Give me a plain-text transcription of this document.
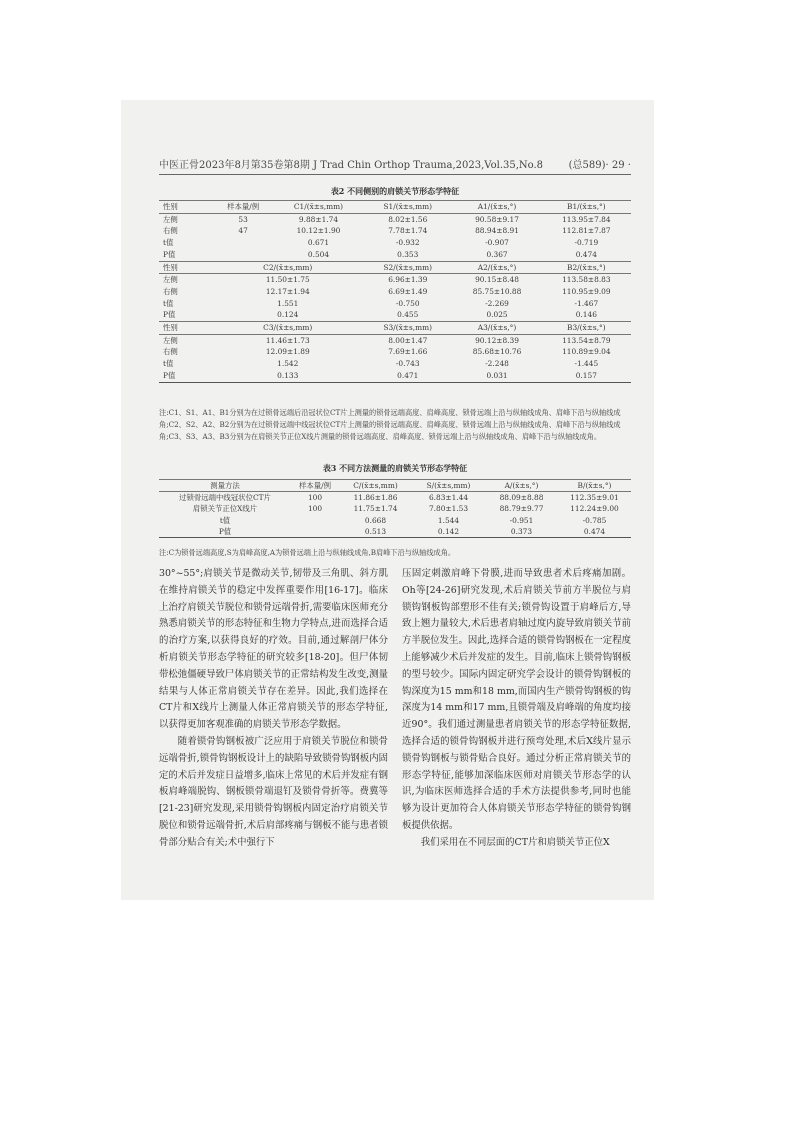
中医正骨2023年8月第35卷第8期 J Trad Chin Orthop Trauma,2023,Vol.35,No.8	(总589)· 29 ·
表2 不同侧别的肩锁关节形态学特征
性别	样本量/例	C1/(x̄±s,mm)	S1/(x̄±s,mm)	A1/(x̄±s,°)	B1/(x̄±s,°)
左侧	53	9.88±1.74	8.02±1.56	90.58±9.17	113.95±7.84
右侧	47	10.12±1.90	7.78±1.74	88.94±8.91	112.81±7.87
t值		0.671	-0.932	-0.907	-0.719
P值		0.504	0.353	0.367	0.474
性别	C2/(x̄±s,mm)		S2/(x̄±s,mm)	A2/(x̄±s,°)	B2/(x̄±s,°)
左侧	11.50±1.75		6.96±1.39	90.15±8.48	113.58±8.83
右侧	12.17±1.94		6.69±1.49	85.75±10.88	110.95±9.09
t值	1.551		-0.750	-2.269	-1.467
P值	0.124		0.455	0.025	0.146
性别	C3/(x̄±s,mm)		S3/(x̄±s,mm)	A3/(x̄±s,°)	B3/(x̄±s,°)
左侧	11.46±1.73		8.00±1.47	90.12±8.39	113.54±8.79
右侧	12.09±1.89		7.69±1.66	85.68±10.76	110.89±9.04
t值	1.542		-0.743	-2.248	-1.445
P值	0.133		0.471	0.031	0.157
注:C1、S1、A1、B1分别为在过锁骨远端后沿冠状位CT片上测量的锁骨远端高度、肩峰高度、锁骨远端上沿与纵轴线成角、肩峰下沿与纵轴线成角;C2、S2、A2、B2分别为在过锁骨远端中线冠状位CT片上测量的锁骨远端高度、肩峰高度、锁骨远端上沿与纵轴线成角、肩峰下沿与纵轴线成角;C3、S3、A3、B3分别为在肩锁关节正位X线片测量的锁骨远端高度、肩峰高度、锁骨远端上沿与纵轴线成角、肩峰下沿与纵轴线成角。
表3 不同方法测量的肩锁关节形态学特征
测量方法	样本量/例	C/(x̄±s,mm)	S/(x̄±s,mm)	A/(x̄±s,°)	B/(x̄±s,°)
过锁骨远端中线冠状位CT片	100	11.86±1.86	6.83±1.44	88.09±8.88	112.35±9.01
肩锁关节正位X线片	100	11.75±1.74	7.80±1.53	88.79±9.77	112.24±9.00
t值		0.668	1.544	-0.951	-0.785
P值		0.513	0.142	0.373	0.474
注:C为锁骨远端高度,S为肩峰高度,A为锁骨远端上沿与纵轴线成角,B肩峰下沿与纵轴线成角。

30°~55°;肩锁关节是微动关节,韧带及三角肌、斜方肌在维持肩锁关节的稳定中发挥重要作用[16-17]。临床上治疗肩锁关节脱位和锁骨远端骨折,需要临床医师充分熟悉肩锁关节的形态特征和生物力学特点,进而选择合适的治疗方案,以获得良好的疗效。目前,通过解剖尸体分析肩锁关节形态学特征的研究较多[18-20]。但尸体韧带松弛僵硬导致尸体肩锁关节的正常结构发生改变,测量结果与人体正常肩锁关节存在差异。因此,我们选择在CT片和X线片上测量人体正常肩锁关节的形态学特征,以获得更加客观准确的肩锁关节形态学数据。

随着锁骨钩钢板被广泛应用于肩锁关节脱位和锁骨远端骨折,锁骨钩钢板设计上的缺陷导致锁骨钩钢板内固定的术后并发症日益增多,临床上常见的术后并发症有钢板肩峰端脱钩、钢板锁骨端退钉及锁骨骨折等。费冀等[21-23]研究发现,采用锁骨钩钢板内固定治疗肩锁关节脱位和锁骨远端骨折,术后肩部疼痛与钢板不能与患者锁骨部分贴合有关;术中强行下

压固定刺激肩峰下骨膜,进而导致患者术后疼痛加剧。Oh等[24-26]研究发现,术后肩锁关节前方半脱位与肩锁钩钢板钩部塑形不佳有关;锁骨钩设置于肩峰后方,导致上翘力量较大,术后患者肩轴过度内旋导致肩锁关节前方半脱位发生。因此,选择合适的锁骨钩钢板在一定程度上能够减少术后并发症的发生。目前,临床上锁骨钩钢板的型号较少。国际内固定研究学会设计的锁骨钩钢板的钩深度为15 mm和18 mm,而国内生产锁骨钩钢板的钩深度为14 mm和17 mm,且锁骨端及肩峰端的角度均接近90°。我们通过测量患者肩锁关节的形态学特征数据,选择合适的锁骨钩钢板并进行预弯处理,术后X线片显示锁骨钩钢板与锁骨贴合良好。通过分析正常肩锁关节的形态学特征,能够加深临床医师对肩锁关节形态学的认识,为临床医师选择合适的手术方法提供参考,同时也能够为设计更加符合人体肩锁关节形态学特征的锁骨钩钢板提供依据。

我们采用在不同层面的CT片和肩锁关节正位X
